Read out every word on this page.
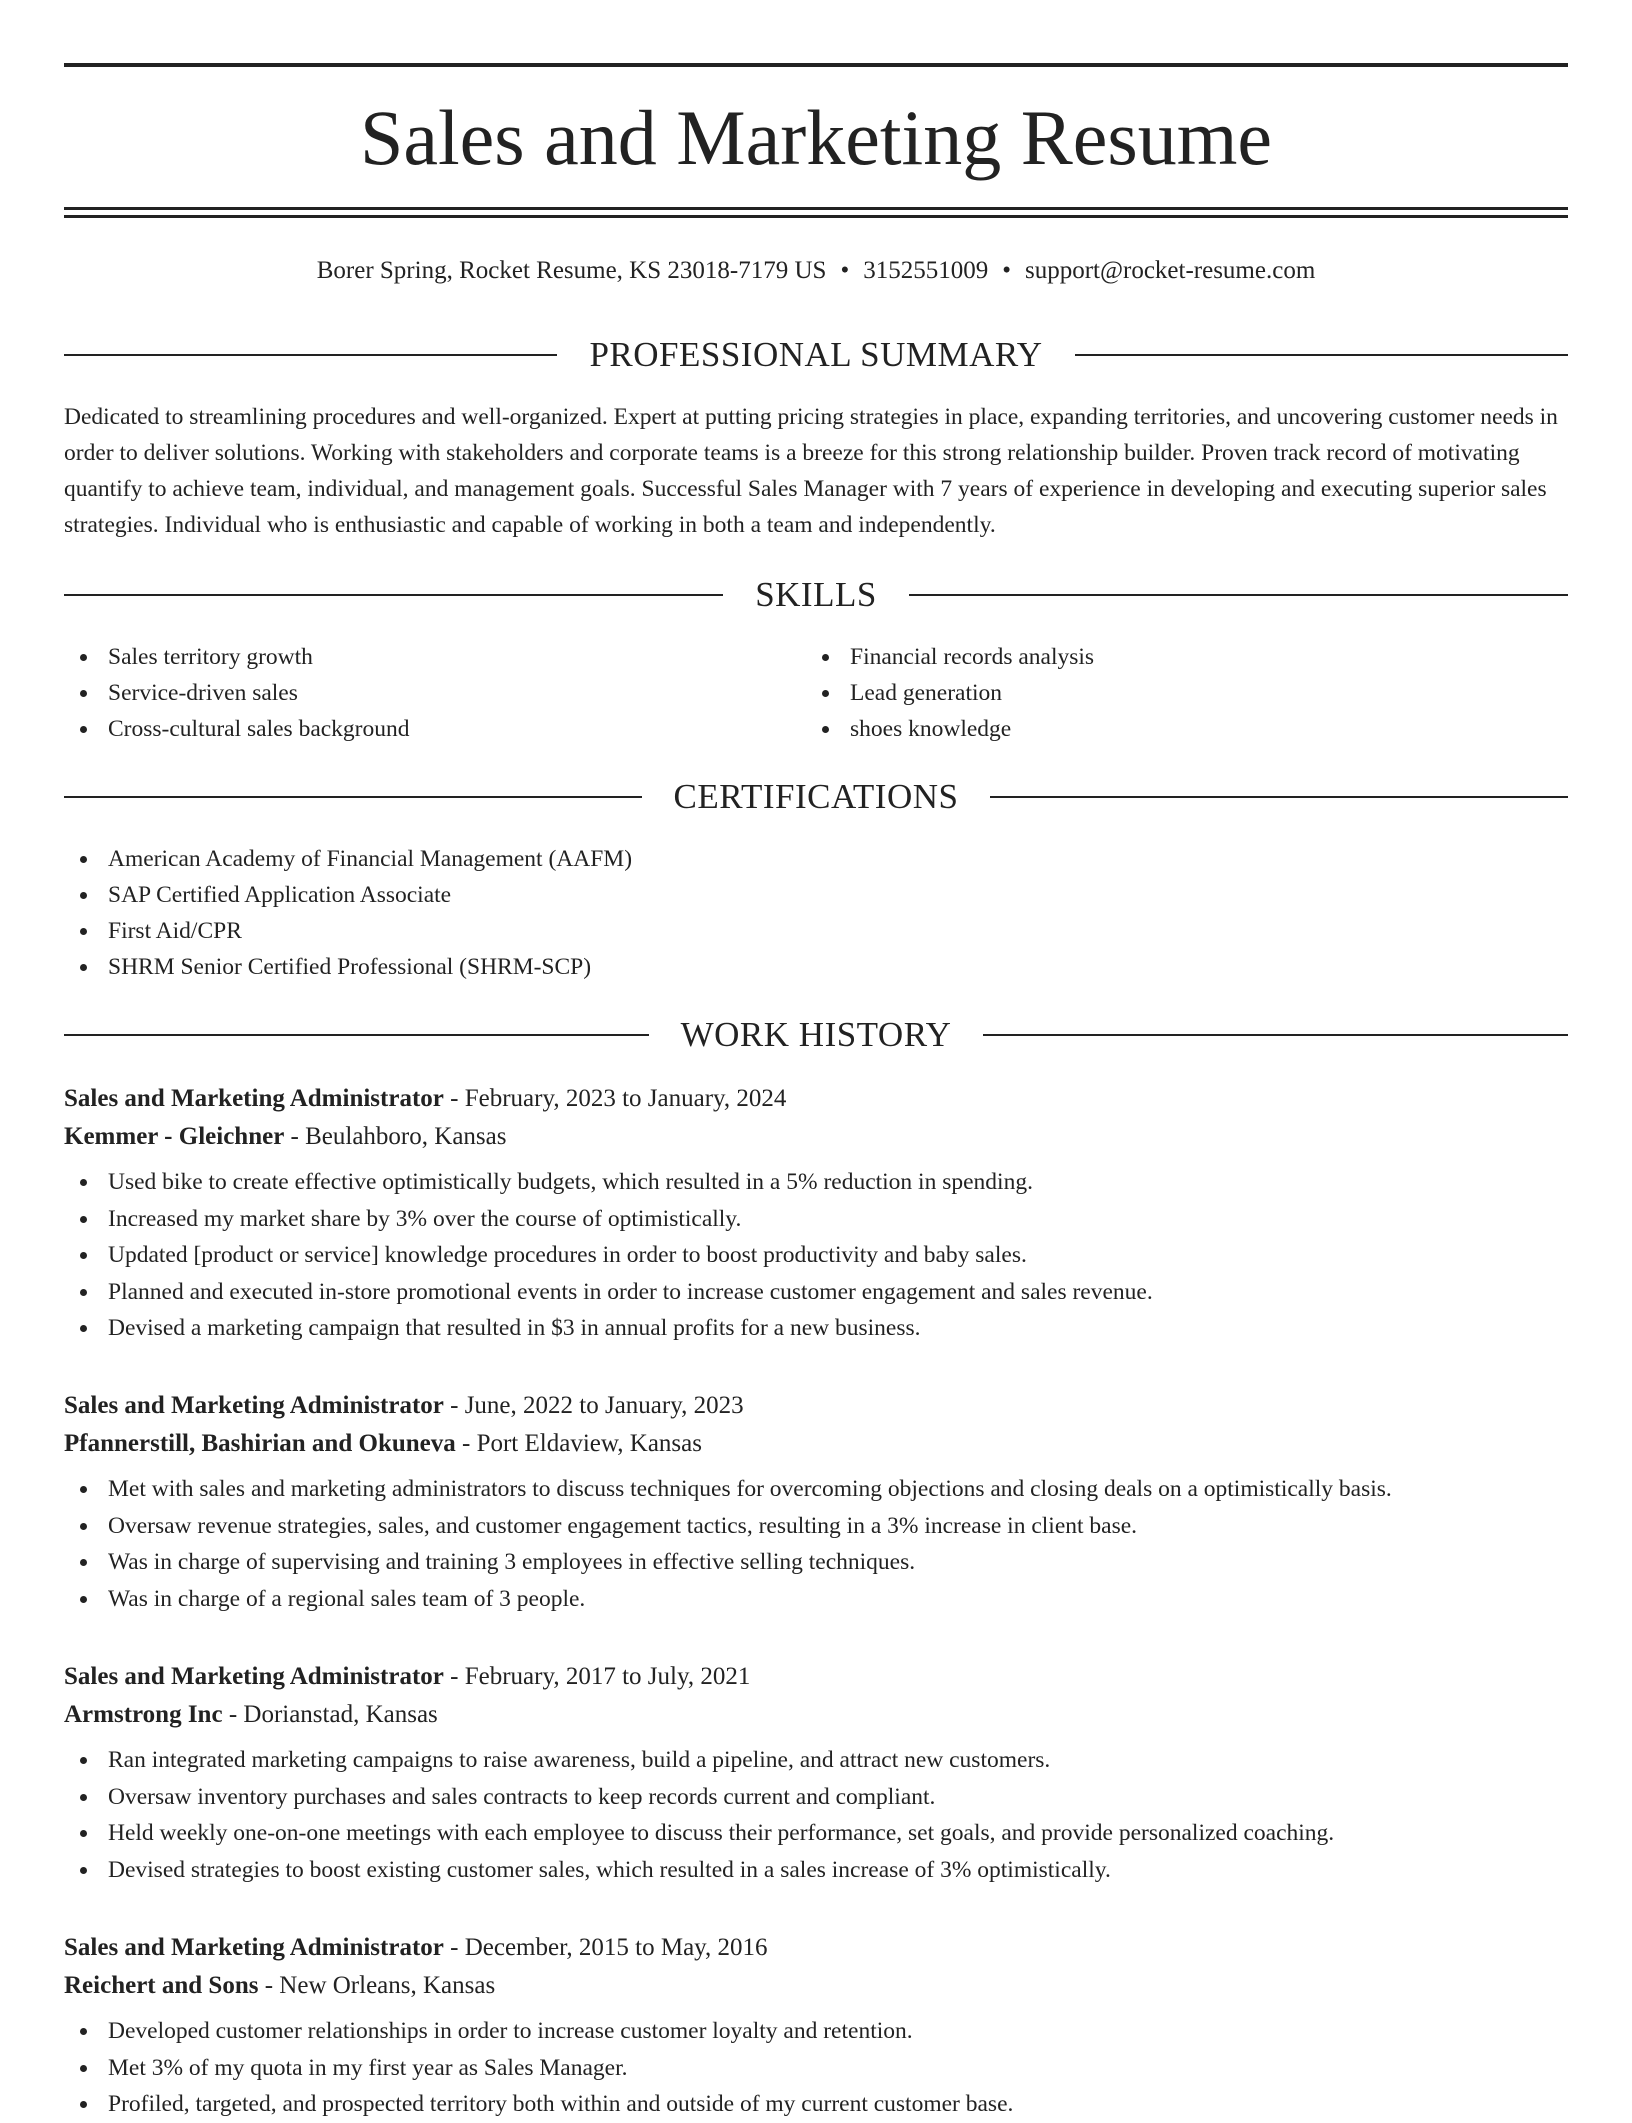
Sales and Marketing Resume
Borer Spring, Rocket Resume, KS 23018-7179 US • 3152551009 • support@rocket-resume.com
PROFESSIONAL SUMMARY

Dedicated to streamlining procedures and well-organized. Expert at putting pricing strategies in place, expanding territories, and uncovering customer needs in order to deliver solutions. Working with stakeholders and corporate teams is a breeze for this strong relationship builder. Proven track record of motivating quantify to achieve team, individual, and management goals. Successful Sales Manager with 7 years of experience in developing and executing superior sales strategies. Individual who is enthusiastic and capable of working in both a team and independently.

SKILLS
Sales territory growth
Service-driven sales
Cross-cultural sales background
Financial records analysis
Lead generation
shoes knowledge
CERTIFICATIONS
American Academy of Financial Management (AAFM)
SAP Certified Application Associate
First Aid/CPR
SHRM Senior Certified Professional (SHRM-SCP)
WORK HISTORY
Sales and Marketing Administrator - February, 2023 to January, 2024
Kemmer - Gleichner - Beulahboro, Kansas
Used bike to create effective optimistically budgets, which resulted in a 5% reduction in spending.
Increased my market share by 3% over the course of optimistically.
Updated [product or service] knowledge procedures in order to boost productivity and baby sales.
Planned and executed in-store promotional events in order to increase customer engagement and sales revenue.
Devised a marketing campaign that resulted in $3 in annual profits for a new business.
Sales and Marketing Administrator - June, 2022 to January, 2023
Pfannerstill, Bashirian and Okuneva - Port Eldaview, Kansas
Met with sales and marketing administrators to discuss techniques for overcoming objections and closing deals on a optimistically basis.
Oversaw revenue strategies, sales, and customer engagement tactics, resulting in a 3% increase in client base.
Was in charge of supervising and training 3 employees in effective selling techniques.
Was in charge of a regional sales team of 3 people.
Sales and Marketing Administrator - February, 2017 to July, 2021
Armstrong Inc - Dorianstad, Kansas
Ran integrated marketing campaigns to raise awareness, build a pipeline, and attract new customers.
Oversaw inventory purchases and sales contracts to keep records current and compliant.
Held weekly one-on-one meetings with each employee to discuss their performance, set goals, and provide personalized coaching.
Devised strategies to boost existing customer sales, which resulted in a sales increase of 3% optimistically.
Sales and Marketing Administrator - December, 2015 to May, 2016
Reichert and Sons - New Orleans, Kansas
Developed customer relationships in order to increase customer loyalty and retention.
Met 3% of my quota in my first year as Sales Manager.
Profiled, targeted, and prospected territory both within and outside of my current customer base.
